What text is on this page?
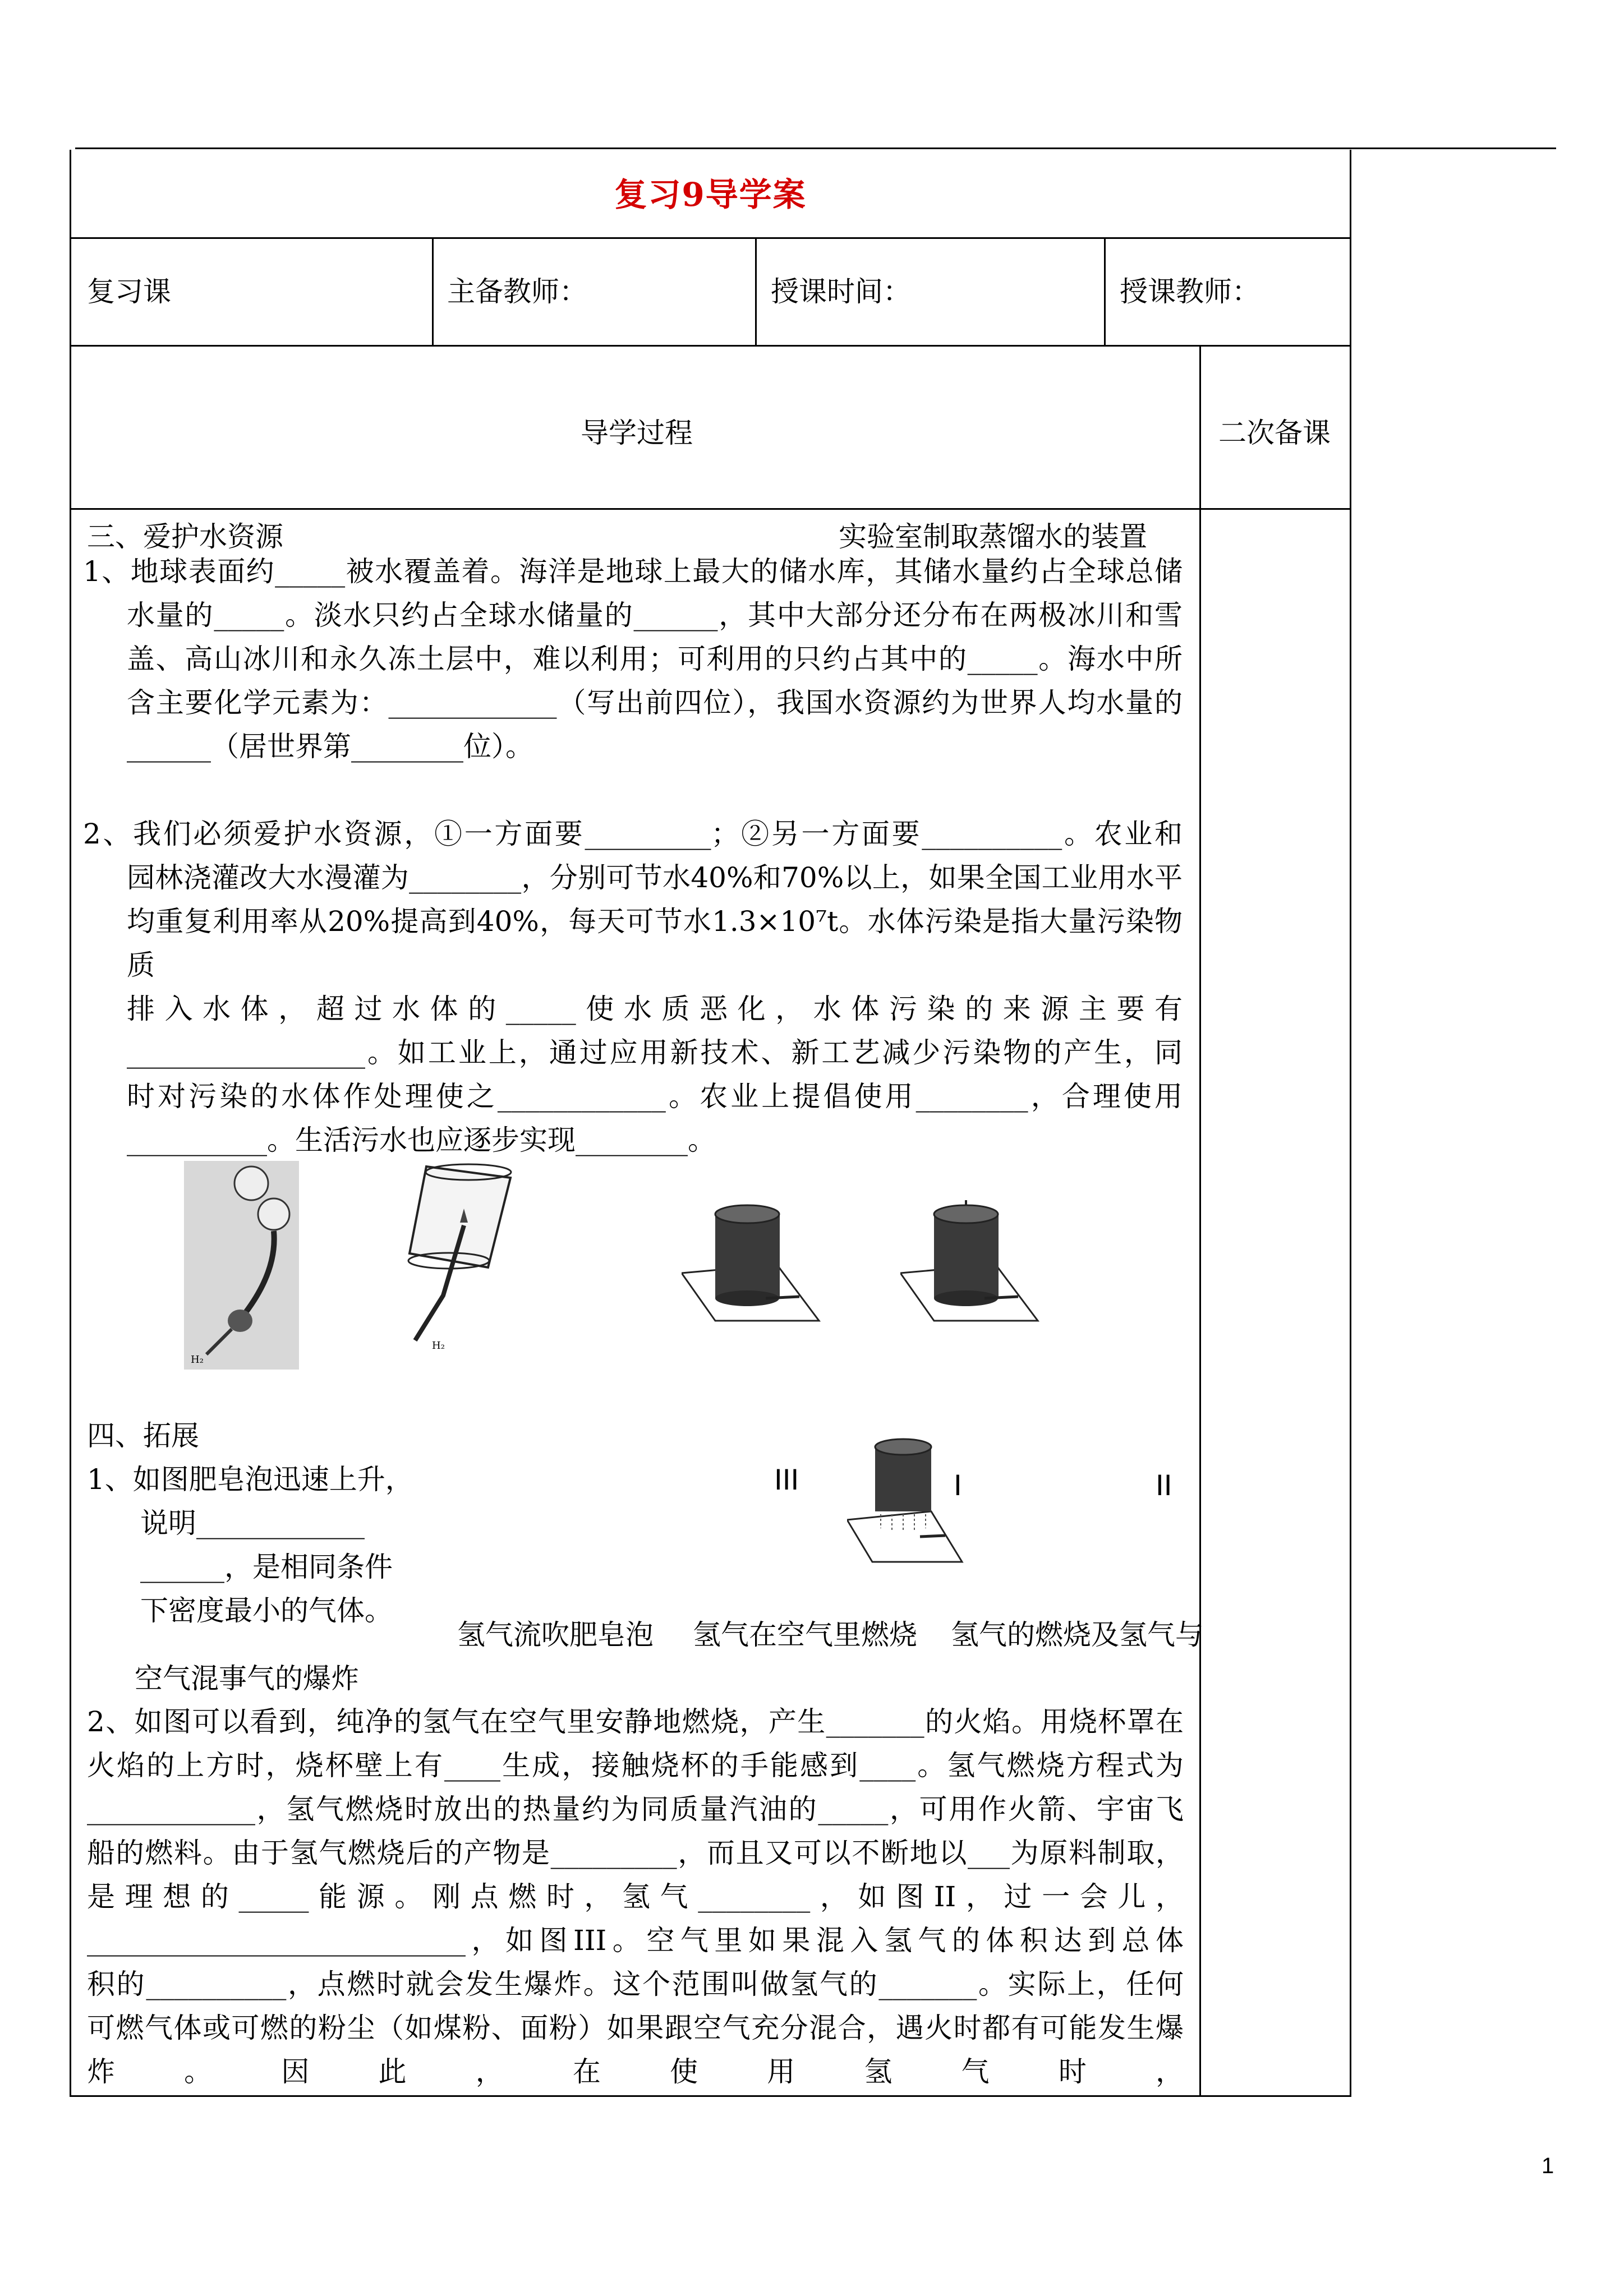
复习9导学案
复习课	主备教师：	授课时间：	授课教师：
导学过程	二次备课
三、爱护水资源	实验室制取蒸馏水的装置

1、地球表面约_____被水覆盖着。海洋是地球上最大的储水库，其储水量约占全球总储

水量的_____。淡水只约占全球水储量的______，其中大部分还分布在两极冰川和雪

盖、高山冰川和永久冻土层中，难以利用；可利用的只约占其中的_____。海水中所

含主要化学元素为：____________（写出前四位），我国水资源约为世界人均水量的

______（居世界第________位）。

2、我们必须爱护水资源，①一方面要_________；②另一方面要__________。农业和

园林浇灌改大水漫灌为________，分别可节水40%和70%以上，如果全国工业用水平

均重复利用率从20%提高到40%，每天可节水1.3×10⁷t。水体污染是指大量污染物质

排入水体，超过水体的_____使水质恶化，水体污染的来源主要有

_________________。如工业上，通过应用新技术、新工艺减少污染物的产生，同

时对污染的水体作处理使之____________。农业上提倡使用________，合理使用

__________。生活污水也应逐步实现________。

H₂
H₂
四、拓展
1、如图肥皂泡迅速上升，
说明____________
______，是相同条件
下密度最小的气体。
III	I	II
氢气流吹肥皂泡 氢气在空气里燃烧 氢气的燃烧及氢气与
空气混事气的爆炸

2、如图可以看到，纯净的氢气在空气里安静地燃烧，产生_______的火焰。用烧杯罩在

火焰的上方时，烧杯壁上有____生成，接触烧杯的手能感到____。氢气燃烧方程式为

____________，氢气燃烧时放出的热量约为同质量汽油的_____，可用作火箭、宇宙飞

船的燃料。由于氢气燃烧后的产物是_________，而且又可以不断地以___为原料制取，

是理想的_____能源。刚点燃时，氢气________，如图II，过一会儿，

___________________________，如图III。空气里如果混入氢气的体积达到总体

积的__________，点燃时就会发生爆炸。这个范围叫做氢气的_______。实际上，任何

可燃气体或可燃的粉尘（如煤粉、面粉）如果跟空气充分混合，遇火时都有可能发生爆

炸。因此，在使用氢气时，

1
